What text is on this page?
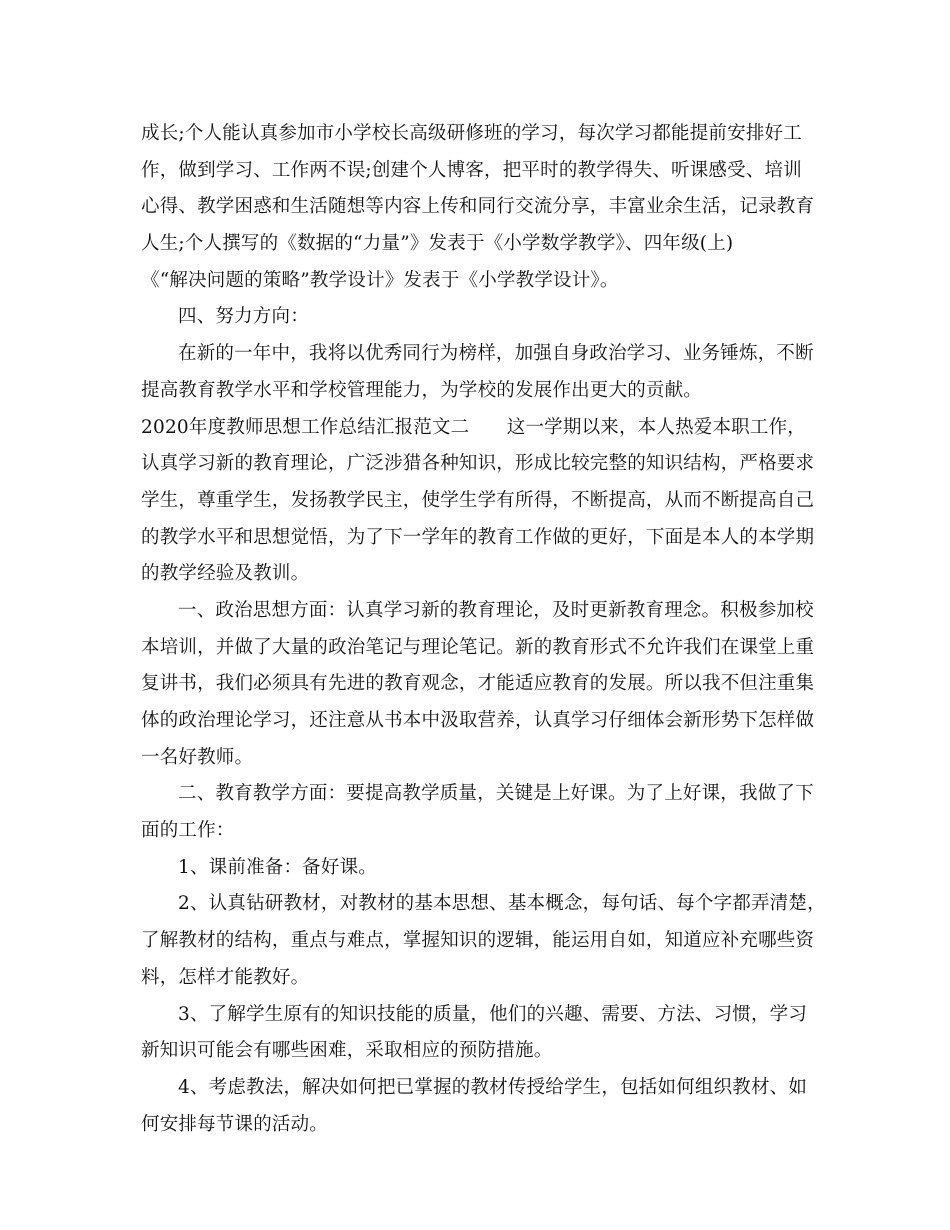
成长;个人能认真参加市小学校长高级研修班的学习，每次学习都能提前安排好工
作，做到学习、工作两不误;创建个人博客，把平时的教学得失、听课感受、培训
心得、教学困惑和生活随想等内容上传和同行交流分享，丰富业余生活，记录教育
人生;个人撰写的《数据的“力量”》发表于《小学数学教学》、四年级(上)
《“解决问题的策略”教学设计》发表于《小学教学设计》。
四、努力方向：
在新的一年中，我将以优秀同行为榜样，加强自身政治学习、业务锤炼，不断
提高教育教学水平和学校管理能力，为学校的发展作出更大的贡献。
2020年度教师思想工作总结汇报范文二　　这一学期以来，本人热爱本职工作，
认真学习新的教育理论，广泛涉猎各种知识，形成比较完整的知识结构，严格要求
学生，尊重学生，发扬教学民主，使学生学有所得，不断提高，从而不断提高自己
的教学水平和思想觉悟，为了下一学年的教育工作做的更好，下面是本人的本学期
的教学经验及教训。
一、政治思想方面：认真学习新的教育理论，及时更新教育理念。积极参加校
本培训，并做了大量的政治笔记与理论笔记。新的教育形式不允许我们在课堂上重
复讲书，我们必须具有先进的教育观念，才能适应教育的发展。所以我不但注重集
体的政治理论学习，还注意从书本中汲取营养，认真学习仔细体会新形势下怎样做
一名好教师。
二、教育教学方面：要提高教学质量，关键是上好课。为了上好课，我做了下
面的工作：
1、课前准备：备好课。
2、认真钻研教材，对教材的基本思想、基本概念，每句话、每个字都弄清楚，
了解教材的结构，重点与难点，掌握知识的逻辑，能运用自如，知道应补充哪些资
料，怎样才能教好。
3、了解学生原有的知识技能的质量，他们的兴趣、需要、方法、习惯，学习
新知识可能会有哪些困难，采取相应的预防措施。
4、考虑教法，解决如何把已掌握的教材传授给学生，包括如何组织教材、如
何安排每节课的活动。
